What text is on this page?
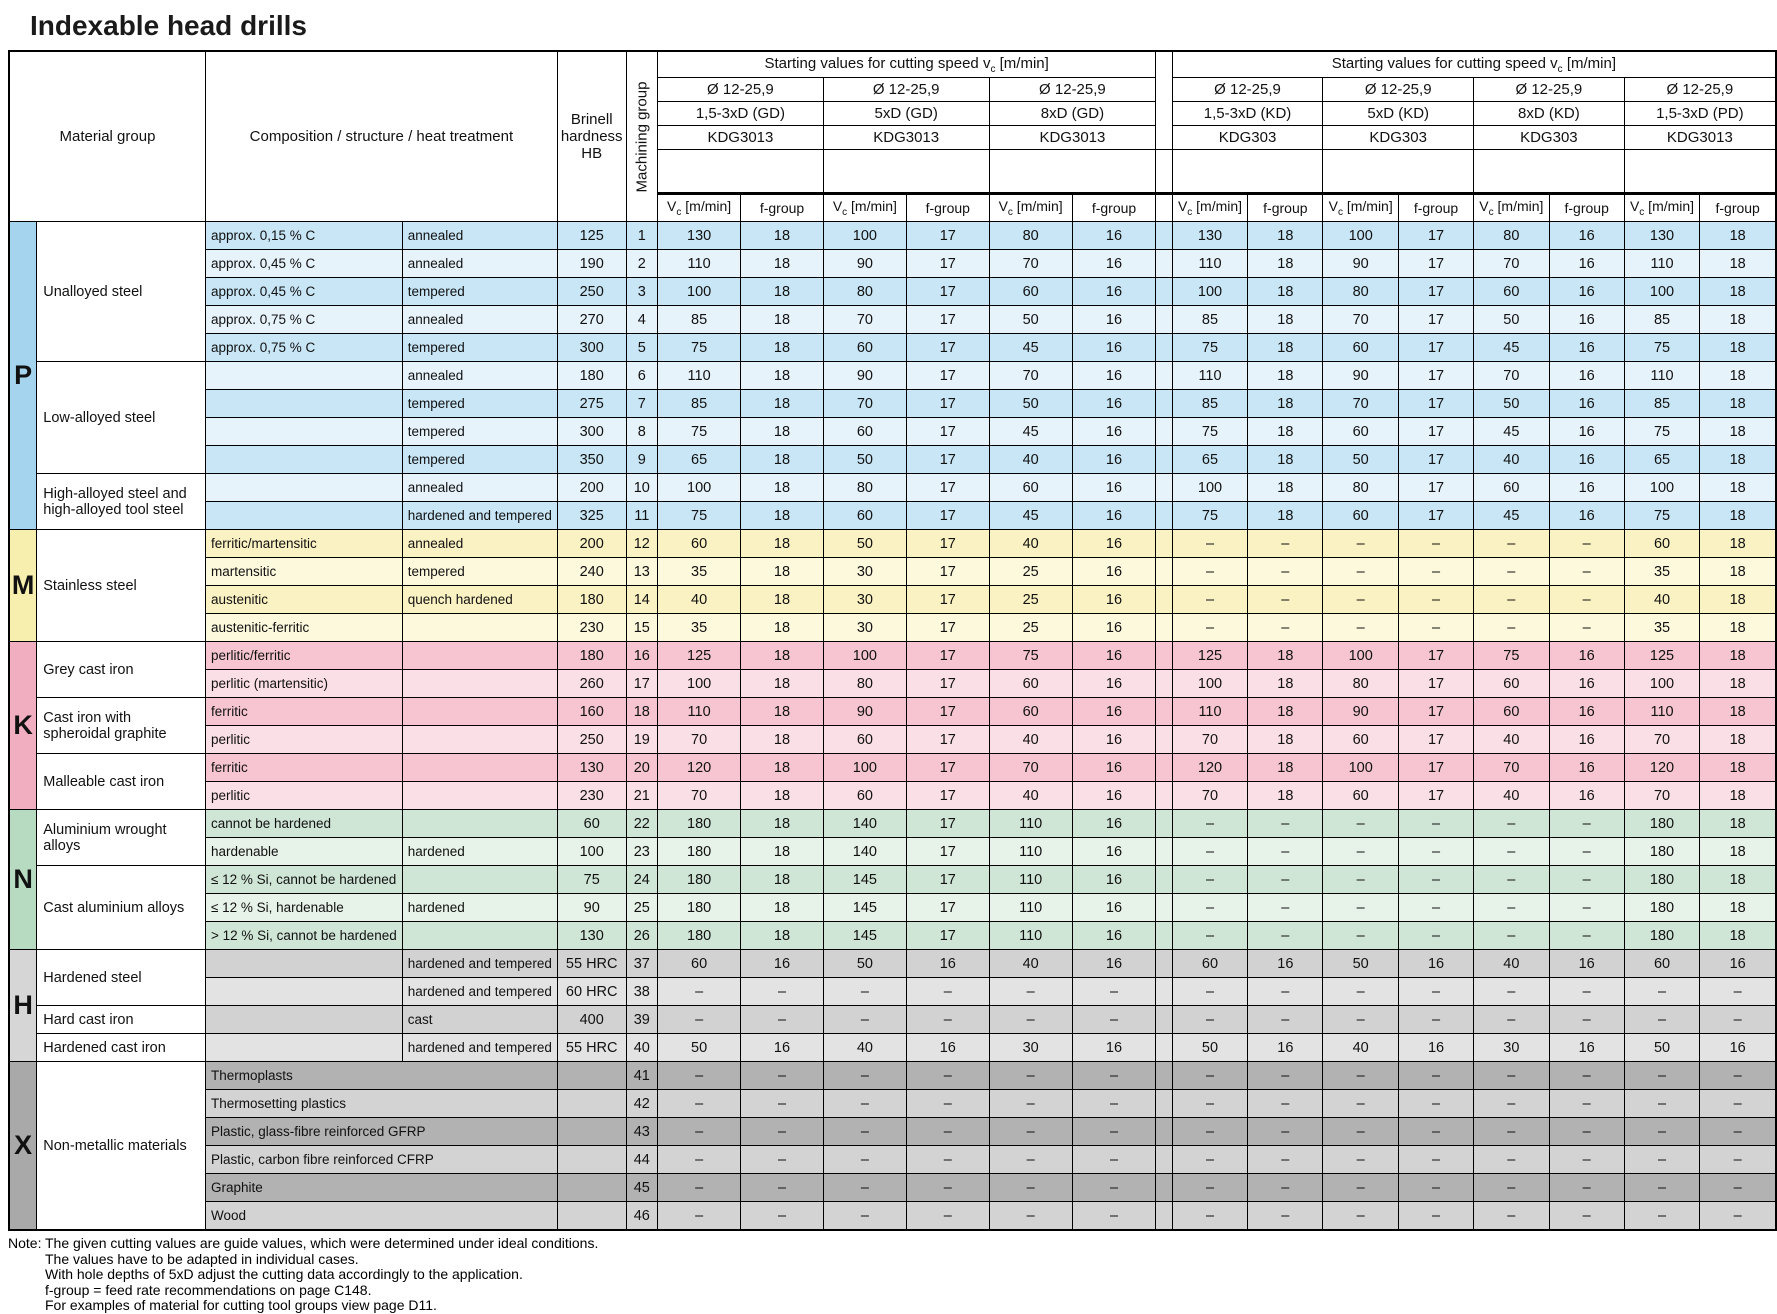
Indexable head drills
Material group		Composition / structure / heat treatment		Brinell hardness HB	Machining group	Starting values for cutting speed $v_c$ [m/min]							Starting values for cutting speed $v_c$ [m/min]							
						Ø 12-25,9		Ø 12-25,9		Ø 12-25,9			Ø 12-25,9		Ø 12-25,9		Ø 12-25,9		Ø 12-25,9	
						1,5-3xD (GD)		5xD (GD)		8xD (GD)			1,5-3xD (KD)		5xD (KD)		8xD (KD)		1,5-3xD (PD)	
						KDG3013		KDG3013		KDG3013			KDG303		KDG303		KDG303		KDG3013	

						$V_c$ [m/min]	f-group	$V_c$ [m/min]	f-group	$V_c$ [m/min]	f-group		$V_c$ [m/min]	f-group	$V_c$ [m/min]	f-group	$V_c$ [m/min]	f-group	$V_c$ [m/min]	f-group
P	Unalloyed steel	approx. 0,15 % C	annealed	125	1	130	18	100	17	80	16		130	18	100	17	80	16	130	18
		approx. 0,45 % C	annealed	190	2	110	18	90	17	70	16		110	18	90	17	70	16	110	18
		approx. 0,45 % C	tempered	250	3	100	18	80	17	60	16		100	18	80	17	60	16	100	18
		approx. 0,75 % C	annealed	270	4	85	18	70	17	50	16		85	18	70	17	50	16	85	18
		approx. 0,75 % C	tempered	300	5	75	18	60	17	45	16		75	18	60	17	45	16	75	18
	Low-alloyed steel		annealed	180	6	110	18	90	17	70	16		110	18	90	17	70	16	110	18
			tempered	275	7	85	18	70	17	50	16		85	18	70	17	50	16	85	18
			tempered	300	8	75	18	60	17	45	16		75	18	60	17	45	16	75	18
			tempered	350	9	65	18	50	17	40	16		65	18	50	17	40	16	65	18
	High-alloyed steel and high-alloyed tool steel		annealed	200	10	100	18	80	17	60	16		100	18	80	17	60	16	100	18
			hardened and tempered	325	11	75	18	60	17	45	16		75	18	60	17	45	16	75	18
M	Stainless steel	ferritic/martensitic	annealed	200	12	60	18	50	17	40	16		–	–	–	–	–	–	60	18
		martensitic	tempered	240	13	35	18	30	17	25	16		–	–	–	–	–	–	35	18
		austenitic	quench hardened	180	14	40	18	30	17	25	16		–	–	–	–	–	–	40	18
		austenitic-ferritic		230	15	35	18	30	17	25	16		–	–	–	–	–	–	35	18
K	Grey cast iron	perlitic/ferritic		180	16	125	18	100	17	75	16		125	18	100	17	75	16	125	18
		perlitic (martensitic)		260	17	100	18	80	17	60	16		100	18	80	17	60	16	100	18
	Cast iron with spheroidal graphite	ferritic		160	18	110	18	90	17	60	16		110	18	90	17	60	16	110	18
		perlitic		250	19	70	18	60	17	40	16		70	18	60	17	40	16	70	18
	Malleable cast iron	ferritic		130	20	120	18	100	17	70	16		120	18	100	17	70	16	120	18
		perlitic		230	21	70	18	60	17	40	16		70	18	60	17	40	16	70	18
N	Aluminium wrought alloys	cannot be hardened		60	22	180	18	140	17	110	16		–	–	–	–	–	–	180	18
		hardenable	hardened	100	23	180	18	140	17	110	16		–	–	–	–	–	–	180	18
	Cast aluminium alloys	≤ 12 % Si, cannot be hardened		75	24	180	18	145	17	110	16		–	–	–	–	–	–	180	18
		≤ 12 % Si, hardenable	hardened	90	25	180	18	145	17	110	16		–	–	–	–	–	–	180	18
		> 12 % Si, cannot be hardened		130	26	180	18	145	17	110	16		–	–	–	–	–	–	180	18
H	Hardened steel		hardened and tempered	55 HRC	37	60	16	50	16	40	16		60	16	50	16	40	16	60	16
			hardened and tempered	60 HRC	38	–	–	–	–	–	–		–	–	–	–	–	–	–	–
	Hard cast iron		cast	400	39	–	–	–	–	–	–		–	–	–	–	–	–	–	–
	Hardened cast iron		hardened and tempered	55 HRC	40	50	16	40	16	30	16		50	16	40	16	30	16	50	16
X	Non-metallic materials	Thermoplasts			41	–	–	–	–	–	–		–	–	–	–	–	–	–	–
		Thermosetting plastics			42	–	–	–	–	–	–		–	–	–	–	–	–	–	–
		Plastic, glass-fibre reinforced GFRP			43	–	–	–	–	–	–		–	–	–	–	–	–	–	–
		Plastic, carbon fibre reinforced CFRP			44	–	–	–	–	–	–		–	–	–	–	–	–	–	–
		Graphite			45	–	–	–	–	–	–		–	–	–	–	–	–	–	–
		Wood			46	–	–	–	–	–	–		–	–	–	–	–	–	–	–
Note: The given cutting values are guide values, which were determined under ideal conditions.
The values have to be adapted in individual cases.
With hole depths of 5xD adjust the cutting data accordingly to the application.
f-group = feed rate recommendations on page C148.
For examples of material for cutting tool groups view page D11.
